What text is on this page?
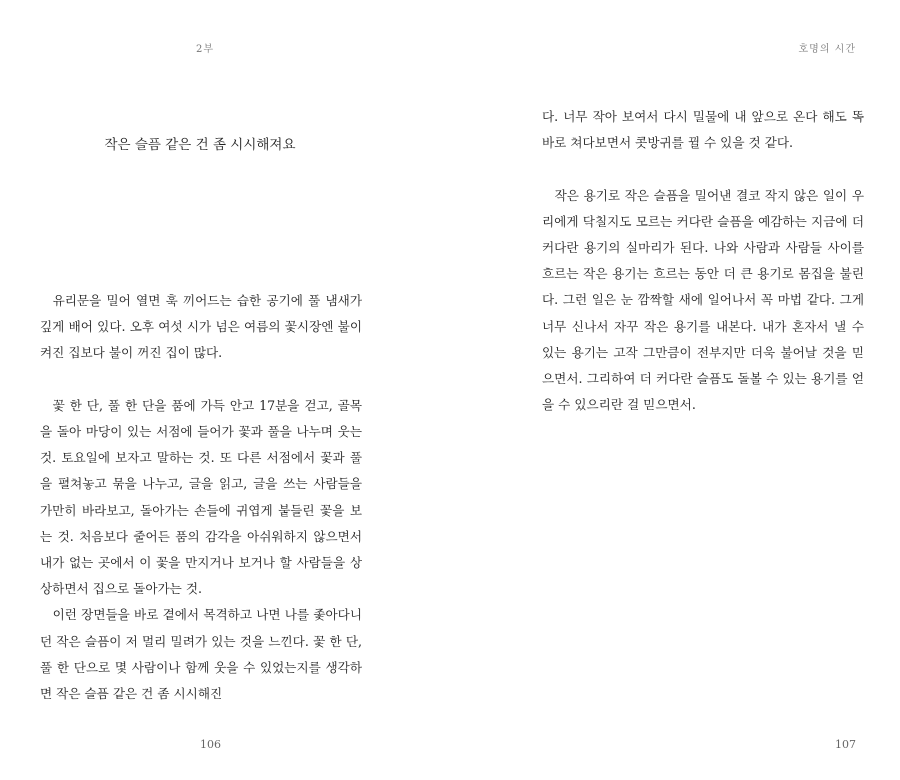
2부
작은 슬픔 같은 건 좀 시시해져요

유리문을 밀어 열면 훅 끼어드는 습한 공기에 풀 냄새가 깊게 배어 있다. 오후 여섯 시가 넘은 여름의 꽃시장엔 불이 켜진 집보다 불이 꺼진 집이 많다.

꽃 한 단, 풀 한 단을 품에 가득 안고 17분을 걷고, 골목을 돌아 마당이 있는 서점에 들어가 꽃과 풀을 나누며 웃는 것. 토요일에 보자고 말하는 것. 또 다른 서점에서 꽃과 풀을 펼쳐놓고 묶을 나누고, 글을 읽고, 글을 쓰는 사람들을 가만히 바라보고, 돌아가는 손들에 귀엽게 붙들린 꽃을 보는 것. 처음보다 줄어든 품의 감각을 아쉬워하지 않으면서 내가 없는 곳에서 이 꽃을 만지거나 보거나 할 사람들을 상상하면서 집으로 돌아가는 것.

이런 장면들을 바로 곁에서 목격하고 나면 나를 좇아다니던 작은 슬픔이 저 멀리 밀려가 있는 것을 느낀다. 꽃 한 단, 풀 한 단으로 몇 사람이나 함께 웃을 수 있었는지를 생각하면 작은 슬픔 같은 건 좀 시시해진

106
호명의 시간

다. 너무 작아 보여서 다시 밀물에 내 앞으로 온다 해도 똑바로 쳐다보면서 콧방귀를 뀔 수 있을 것 같다.

작은 용기로 작은 슬픔을 밀어낸 결코 작지 않은 일이 우리에게 닥칠지도 모르는 커다란 슬픔을 예감하는 지금에 더 커다란 용기의 실마리가 된다. 나와 사람과 사람들 사이를 흐르는 작은 용기는 흐르는 동안 더 큰 용기로 몸집을 불린다. 그런 일은 눈 깜짝할 새에 일어나서 꼭 마법 같다. 그게 너무 신나서 자꾸 작은 용기를 내본다. 내가 혼자서 낼 수 있는 용기는 고작 그만큼이 전부지만 더욱 불어날 것을 믿으면서. 그리하여 더 커다란 슬픔도 돌볼 수 있는 용기를 얻을 수 있으리란 걸 믿으면서.

107
